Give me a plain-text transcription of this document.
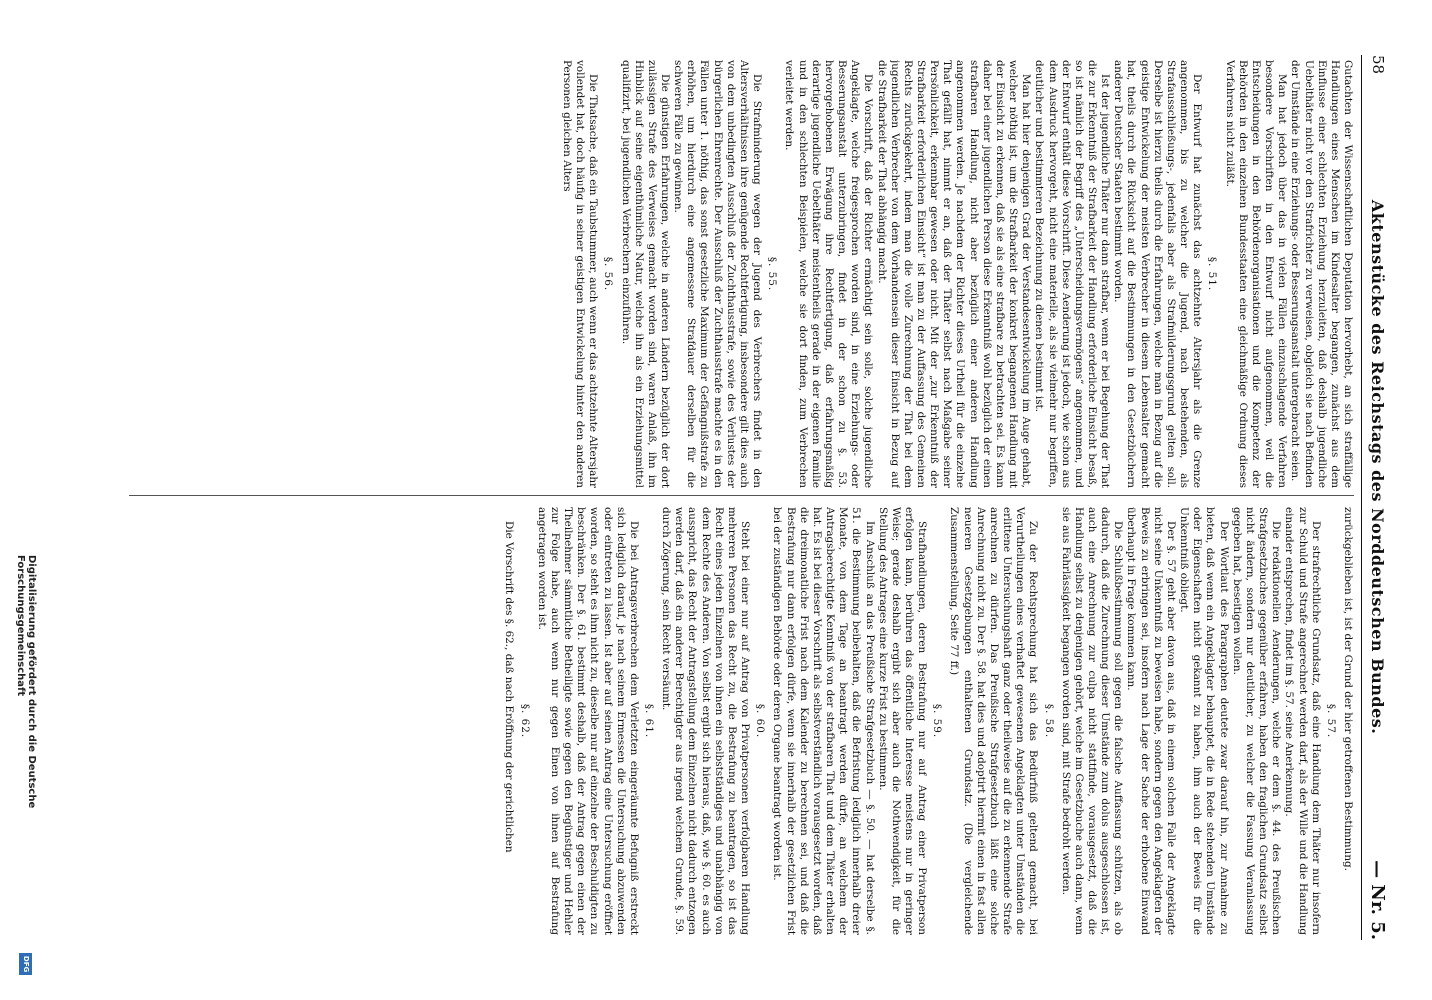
58
Aktenstücke des Reichstags des Norddeutschen Bundes.
— Nr. 5.

Gutachten der Wissenschaftlichen Deputation hervorhebt, an sich straffällige Handlungen eines Menschen im Kindesalter begangen, zunächst aus dem Einflusse einer schlechten Erziehung herzuleiten, daß deshalb jugendliche Uebelthäter nicht vor den Strafrichter zu verweisen, obgleich sie nach Befinden der Umstände in eine Erziehungs- oder Besserungsanstalt untergebracht seien.

Man hat jedoch über das in vielen Fällen einzuschlagende Verfahren besondere Vorschriften in den Entwurf nicht aufgenommen, weil die Entscheidungen in den Behördenorganisationen und die Kompetenz der Behörden in den einzelnen Bundesstaaten eine gleichmäßige Ordnung dieses Verfahrens nicht zuläßt.

§. 51.

Der Entwurf hat zunächst das achtzehnte Altersjahr als die Grenze angenommen, bis zu welcher die Jugend, nach bestehenden, als Strafausschließungs-, jedenfalls aber als Strafmilderungsgrund gelten soll. Derselbe ist hierzu theils durch die Erfahrungen, welche man in Bezug auf die geistige Entwickelung der meisten Verbrecher in diesem Lebensalter gemacht hat, theils durch die Rücksicht auf die Bestimmungen in den Gesetzbüchern anderer Deutscher Staaten bestimmt worden.

Ist der jugendliche Thäter nur dann strafbar, wenn er bei Begehung der That die zur Erkenntniß der Strafbarkeit der Handlung erforderliche Einsicht besaß, so ist nämlich der Begriff des „Unterscheidungsvermögens“ angenommen, und der Entwurf enthält diese Vorschrift. Diese Aenderung ist jedoch, wie schon aus dem Ausdruck hervorgeht, nicht eine materielle, als sie vielmehr nur begriffen, deutlicher und bestimmteren Bezeichnung zu dienen bestimmt ist.

Man hat hier denjenigen Grad der Verstandesentwickelung im Auge gehabt, welcher nöthig ist, um die Strafbarkeit der konkret begangenen Handlung mit der Einsicht zu erkennen, daß sie als eine strafbare zu betrachten sei. Es kann daher bei einer jugendlichen Person diese Erkenntniß wohl bezüglich der einen strafbaren Handlung, nicht aber bezüglich einer anderen Handlung angenommen werden. Je nachdem der Richter dieses Urtheil für die einzelne That gefällt hat, nimmt er an, daß der Thäter selbst nach Maßgabe seiner Persönlichkeit, erkennbar gewesen oder nicht. Mit der „zur Erkenntniß der Strafbarkeit erforderlichen Einsicht“ ist man zu der Auffassung des Gemeinen Rechts zurückgekehrt, indem man die volle Zurechnung der That bei dem jugendlichen Verbrecher von dem Vorhandensein dieser Einsicht in Bezug auf die Strafbarkeit der That abhängig macht.

Die Vorschrift, daß der Richter ermächtigt sein solle, solche jugendliche Angeklagte, welche freigesprochen worden sind, in eine Erziehungs- oder Besserungsanstalt unterzubringen, findet in der schon zu §. 53. hervorgehobenen Erwägung ihre Rechtfertigung, daß erfahrungsmäßig derartige jugendliche Uebelthäter meistentheils gerade in der eigenen Familie und in den schlechten Beispielen, welche sie dort finden, zum Verbrechen verleitet werden.

§. 55.

Die Strafminderung wegen der Jugend des Verbrechers findet in den Altersverhältnissen ihre genügende Rechtfertigung, insbesondere gilt dies auch von dem unbedingten Ausschluß der Zuchthausstrafe, sowie des Verlustes der bürgerlichen Ehrenrechte. Der Ausschluß der Zuchthausstrafe machte es in den Fällen unter 1. nöthig, das sonst gesetzliche Maximum der Gefängnißstrafe zu erhöhen, um hierdurch eine angemessene Strafdauer derselben für die schweren Fälle zu gewinnen.

Die günstigen Erfahrungen, welche in anderen Ländern bezüglich der dort zulässigen Strafe des Verweises gemacht worden sind, waren Anlaß, ihn im Hinblick auf seine eigenthümliche Natur, welche ihn als ein Erziehungsmittel qualifizirt, bei jugendlichen Verbrechern einzuführen.

§. 56.

Die Thatsache, daß ein Taubstummer, auch wenn er das achtzehnte Altersjahr vollendet hat, doch häufig in seiner geistigen Entwickelung hinter den anderen Personen gleichen Alters

zurückgeblieben ist, ist der Grund der hier getroffenen Bestimmung.

§. 57.

Der strafrechtliche Grundsatz, daß eine Handlung dem Thäter nur insofern zur Schuld und Strafe angerechnet werden darf, als der Wille und die Handlung einander entsprechen, findet im §. 57. seine Anerkennung.

Die redaktionellen Aenderungen, welche er dem §. 44. des Preußischen Strafgesetzbuches gegenüber erfahren, haben den fraglichen Grundsatz selbst nicht ändern, sondern nur deutlicher, zu welcher die Fassung Veranlassung gegeben hat, beseitigen wollen.

Der Wortlaut des Paragraphen deutete zwar darauf hin, zur Annahme zu bieten, daß wenn ein Angeklagter behauptet, die in Rede stehenden Umstände oder Eigenschaften nicht gekannt zu haben, ihm auch der Beweis für die Unkenntniß obliegt.

Der §. 57 geht aber davon aus, daß in einem solchen Falle der Angeklagte nicht seine Unkenntniß zu beweisen habe, sondern gegen den Angeklagten der Beweis zu erbringen sei, insofern nach Lage der Sache der erhobene Einwand überhaupt in Frage kommen kann.

Die Schlußbestimmung soll gegen die falsche Auffassung schützen, als ob dadurch, daß die Zurechnung dieser Umstände zum dolus ausgeschlossen ist, auch eine Anrechnung zur culpa nicht stattfinde, vorausgesetzt, daß die Handlung selbst zu denjenigen gehört, welche im Gesetzbuche auch dann, wenn sie aus Fahrlässigkeit begangen worden sind, mit Strafe bedroht werden.

§. 58.

Zu der Rechtsprechung hat sich das Bedürfniß geltend gemacht, bei Verurtheilungen eines verhaftet gewesenen Angeklagten unter Umständen die erlittene Untersuchungshaft ganz oder theilweise auf die zu erkennende Strafe anrechnen zu dürfen. Das Preußische Strafgesetzbuch läßt eine solche Anrechnung nicht zu. Der §. 58. hat dies und adoptirt hiermit einen in fast allen neueren Gesetzgebungen enthaltenen Grundsatz. (Die vergleichende Zusammenstellung, Seite 77 ff.)

§. 59.

Strafhandlungen, deren Bestrafung nur auf Antrag einer Privatperson erfolgen kann, berühren das öffentliche Interesse meistens nur in geringer Weise; gerade deshalb ergibt sich aber auch die Nothwendigkeit, für die Stellung des Antrages eine kurze Frist zu bestimmen.

Im Anschluß an das Preußische Strafgesetzbuch — §. 50. — hat derselbe §. 51. die Bestimmung beibehalten, daß die Befristung lediglich innerhalb dreier Monate, von dem Tage an beantragt werden dürfe, an welchem der Antragsberechtigte Kenntniß von der strafbaren That und dem Thäter erhalten hat. Es ist bei dieser Vorschrift als selbstverständlich vorausgesetzt worden, daß die dreimonatliche Frist nach dem Kalender zu berechnen sei, und daß die Bestrafung nur dann erfolgen dürfe, wenn sie innerhalb der gesetzlichen Frist bei der zuständigen Behörde oder deren Organe beantragt worden ist.

§. 60.

Steht bei einer nur auf Antrag von Privatpersonen verfolgbaren Handlung mehreren Personen das Recht zu, die Bestrafung zu beantragen, so ist das Recht eines jeden Einzelnen von ihnen ein selbstständiges und unabhängig von dem Rechte des Anderen. Von selbst ergibt sich hieraus, daß, wie §. 60. es auch ausspricht, das Recht der Antragstellung dem Einzelnen nicht dadurch entzogen werden darf, daß ein anderer Berechtigter aus irgend welchem Grunde, §. 59. durch Zögerung, sein Recht versäumt.

§. 61.

Die bei Antragsverbrechen dem Verletzten eingeräumte Befugniß erstreckt sich lediglich darauf, je nach seinem Ermessen die Untersuchung abzuwenden oder eintreten zu lassen. Ist aber auf seinen Antrag eine Untersuchung eröffnet worden, so steht es ihm nicht zu, dieselbe nur auf einzelne der Beschuldigten zu beschränken. Der §. 61. bestimmt deshalb, daß der Antrag gegen einen der Theilnehmer sämmtliche Betheiligte sowie gegen den Begünstiger und Hehler zur Folge habe, auch wenn nur gegen Einen von ihnen auf Bestrafung angetragen worden ist.

§. 62.

Die Vorschrift des §. 62., daß nach Eröffnung der gerichtlichen

Digitalisierung gefördert durch die Deutsche Forschungsgemeinschaft
DFG
